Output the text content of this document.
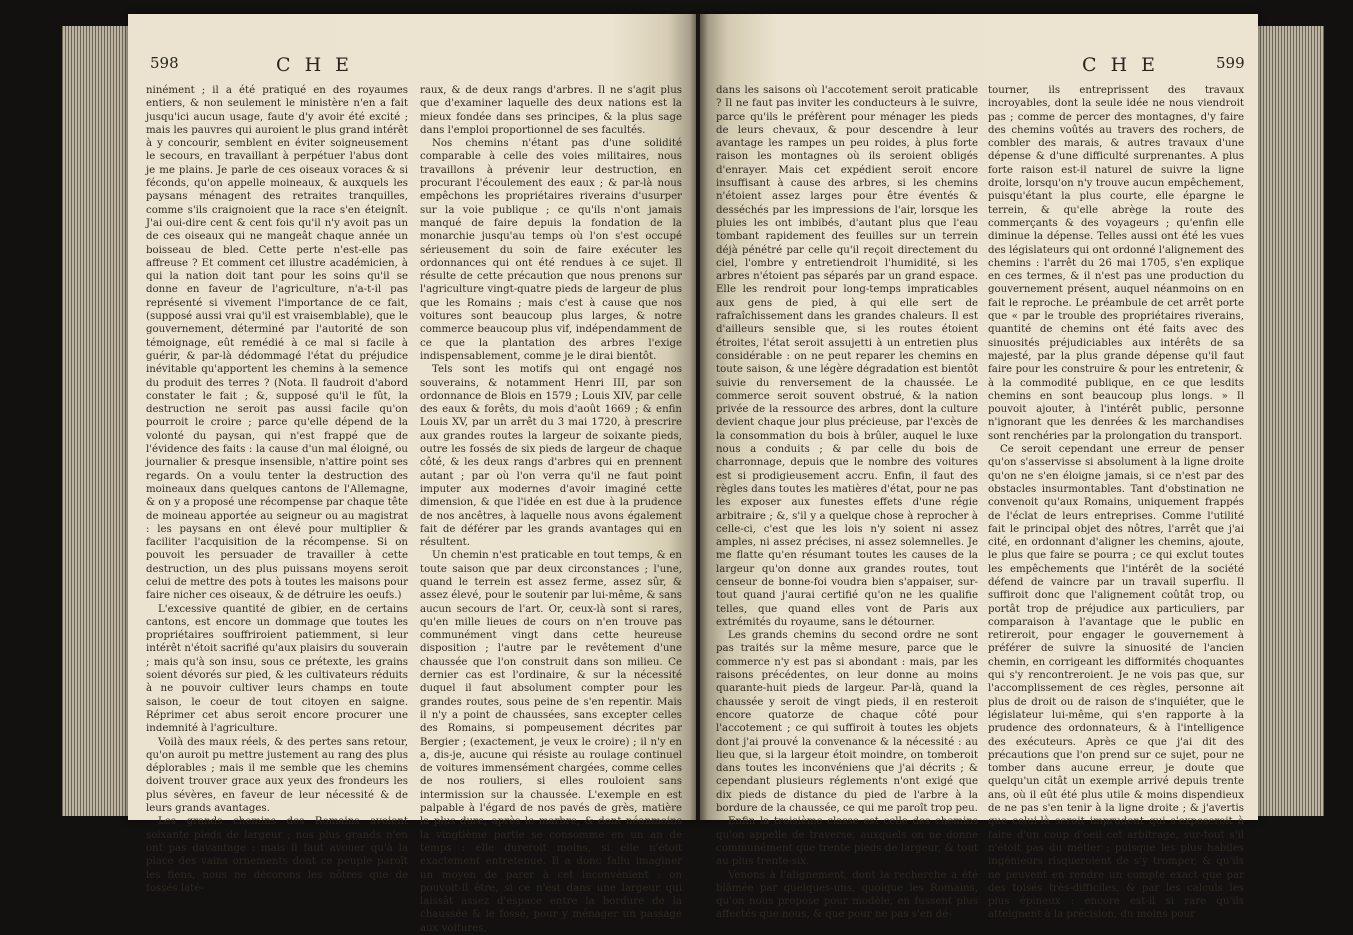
598	C H E

ninément ; il a été pratiqué en des royaumes entiers, & non seulement le ministère n'en a fait jusqu'ici aucun usage, faute d'y avoir été excité ; mais les pauvres qui auroient le plus grand intérêt à y concourir, semblent en éviter soigneusement le secours, en travaillant à perpétuer l'abus dont je me plains. Je parle de ces oiseaux voraces & si féconds, qu'on appelle moineaux, & auxquels les paysans ménagent des retraites tranquilles, comme s'ils craignoient que la race s'en éteignît. J'ai oui-dire cent & cent fois qu'il n'y avoit pas un de ces oiseaux qui ne mangeât chaque année un boisseau de bled. Cette perte n'est-elle pas affreuse ? Et comment cet illustre académicien, à qui la nation doit tant pour les soins qu'il se donne en faveur de l'agriculture, n'a-t-il pas représenté si vivement l'importance de ce fait, (supposé aussi vrai qu'il est vraisemblable), que le gouvernement, déterminé par l'autorité de son témoignage, eût remédié à ce mal si facile à guérir, & par-là dédommagé l'état du préjudice inévitable qu'apportent les chemins à la semence du produit des terres ? (Nota. Il faudroit d'abord constater le fait ; &, supposé qu'il le fût, la destruction ne seroit pas aussi facile qu'on pourroit le croire ; parce qu'elle dépend de la volonté du paysan, qui n'est frappé que de l'évidence des faits : la cause d'un mal éloigné, ou journalier & presque insensible, n'attire point ses regards. On a voulu tenter la destruction des moineaux dans quelques cantons de l'Allemagne, & on y a proposé une récompense par chaque tête de moineau apportée au seigneur ou au magistrat : les paysans en ont élevé pour multiplier & faciliter l'acquisition de la récompense. Si on pouvoit les persuader de travailler à cette destruction, un des plus puissans moyens seroit celui de mettre des pots à toutes les maisons pour faire nicher ces oiseaux, & de détruire les oeufs.)

L'excessive quantité de gibier, en de certains cantons, est encore un dommage que toutes les propriétaires souffriroient patiemment, si leur intérêt n'étoit sacrifié qu'aux plaisirs du souverain ; mais qu'à son insu, sous ce prétexte, les grains soient dévorés sur pied, & les cultivateurs réduits à ne pouvoir cultiver leurs champs en toute saison, le coeur de tout citoyen en saigne. Réprimer cet abus seroit encore procurer une indemnité à l'agriculture.

Voilà des maux réels, & des pertes sans retour, qu'on auroit pu mettre justement au rang des plus déplorables ; mais il me semble que les chemins doivent trouver grace aux yeux des frondeurs les plus sévères, en faveur de leur nécessité & de leurs grands avantages.

Les grands chemins des Romains avoient soixante pieds de largeur ; nos plus grands n'en ont pas davantage : mais il faut avouer qu'à la place des vains ornements dont ce peuple paroît les fiens, nous ne décorons les nôtres que de fossés laté-

raux, & de deux rangs d'arbres. Il ne s'agit plus que d'examiner laquelle des deux nations est la mieux fondée dans ses principes, & la plus sage dans l'emploi proportionnel de ses facultés.

Nos chemins n'étant pas d'une solidité comparable à celle des voies militaires, nous travaillons à prévenir leur destruction, en procurant l'écoulement des eaux ; & par-là nous empêchons les propriétaires riverains d'usurper sur la voie publique ; ce qu'ils n'ont jamais manqué de faire depuis la fondation de la monarchie jusqu'au temps où l'on s'est occupé sérieusement du soin de faire exécuter les ordonnances qui ont été rendues à ce sujet. Il résulte de cette précaution que nous prenons sur l'agriculture vingt-quatre pieds de largeur de plus que les Romains ; mais c'est à cause que nos voitures sont beaucoup plus larges, & notre commerce beaucoup plus vif, indépendamment de ce que la plantation des arbres l'exige indispensablement, comme je le dirai bientôt.

Tels sont les motifs qui ont engagé nos souverains, & notamment Henri III, par son ordonnance de Blois en 1579 ; Louis XIV, par celle des eaux & forêts, du mois d'août 1669 ; & enfin Louis XV, par un arrêt du 3 mai 1720, à prescrire aux grandes routes la largeur de soixante pieds, outre les fossés de six pieds de largeur de chaque côté, & les deux rangs d'arbres qui en prennent autant ; par où l'on verra qu'il ne faut point imputer aux modernes d'avoir imaginé cette dimension, & que l'idée en est due à la prudence de nos ancêtres, à laquelle nous avons également fait de déférer par les grands avantages qui en résultent.

Un chemin n'est praticable en tout temps, & en toute saison que par deux circonstances ; l'une, quand le terrein est assez ferme, assez sûr, & assez élevé, pour le soutenir par lui-même, & sans aucun secours de l'art. Or, ceux-là sont si rares, qu'en mille lieues de cours on n'en trouve pas communément vingt dans cette heureuse disposition ; l'autre par le revêtement d'une chaussée que l'on construit dans son milieu. Ce dernier cas est l'ordinaire, & sur la nécessité duquel il faut absolument compter pour les grandes routes, sous peine de s'en repentir. Mais il n'y a point de chaussées, sans excepter celles des Romains, si pompeusement décrites par Bergier ; (exactement, je veux le croire) ; il n'y en a, dis-je, aucune qui résiste au roulage continuel de voitures immensément chargées, comme celles de nos rouliers, si elles rouloient sans intermission sur la chaussée. L'exemple en est palpable à l'égard de nos pavés de grès, matière la plus dure, après le marbre, & dont néanmoins la vingtième partie se consomme en un an de temps : elle dureroit moins, si elle n'étoit exactement entretenue. Il a donc fallu imaginer un moyen de parer à cet inconvénient : on pouvoit-il être, si ce n'est dans une largeur qui laissât assez d'espace entre la bordure de la chaussée & le fossé, pour y ménager un passage aux voitures,

C H E	599

dans les saisons où l'accotement seroit praticable ? Il ne faut pas inviter les conducteurs à le suivre, parce qu'ils le préfèrent pour ménager les pieds de leurs chevaux, & pour descendre à leur avantage les rampes un peu roides, à plus forte raison les montagnes où ils seroient obligés d'enrayer. Mais cet expédient seroit encore insuffisant à cause des arbres, si les chemins n'étoient assez larges pour être éventés & desséchés par les impressions de l'air, lorsque les pluies les ont imbibés, d'autant plus que l'eau tombant rapidement des feuilles sur un terrein déjà pénétré par celle qu'il reçoit directement du ciel, l'ombre y entretiendroit l'humidité, si les arbres n'étoient pas séparés par un grand espace. Elle les rendroit pour long-temps impraticables aux gens de pied, à qui elle sert de rafraîchissement dans les grandes chaleurs. Il est d'ailleurs sensible que, si les routes étoient étroites, l'état seroit assujetti à un entretien plus considérable : on ne peut reparer les chemins en toute saison, & une légère dégradation est bientôt suivie du renversement de la chaussée. Le commerce seroit souvent obstrué, & la nation privée de la ressource des arbres, dont la culture devient chaque jour plus précieuse, par l'excès de la consommation du bois à brûler, auquel le luxe nous a conduits ; & par celle du bois de charronnage, depuis que le nombre des voitures est si prodigieusement accru. Enfin, il faut des règles dans toutes les matières d'état, pour ne pas les exposer aux funestes effets d'une régie arbitraire ; &, s'il y a quelque chose à reprocher à celle-ci, c'est que les lois n'y soient ni assez amples, ni assez précises, ni assez solemnelles. Je me flatte qu'en résumant toutes les causes de la largeur qu'on donne aux grandes routes, tout censeur de bonne-foi voudra bien s'appaiser, sur-tout quand j'aurai certifié qu'on ne les qualifie telles, que quand elles vont de Paris aux extrémités du royaume, sans le détourner.

Les grands chemins du second ordre ne sont pas traités sur la même mesure, parce que le commerce n'y est pas si abondant : mais, par les raisons précédentes, on leur donne au moins quarante-huit pieds de largeur. Par-là, quand la chaussée y seroit de vingt pieds, il en resteroit encore quatorze de chaque côté pour l'accotement ; ce qui suffiroit à toutes les objets dont j'ai prouvé la convenance & la nécessité : au lieu que, si la largeur étoit moindre, on tomberoit dans toutes les inconvéniens que j'ai décrits ; & cependant plusieurs réglements n'ont exigé que dix pieds de distance du pied de l'arbre à la bordure de la chaussée, ce qui me paroît trop peu.

Enfin la troisième classe est celle des chemins qu'on appelle de traverse, auxquels on ne donne communément que trente pieds de largeur, & tout au plus trente-six.

Venons à l'alignement, dont la recherche a été blâmée par quelques-uns, quoique les Romains, qu'on nous propose pour modèle, en fussent plus affectés que nous, & que pour ne pas s'en dé-

tourner, ils entreprissent des travaux incroyables, dont la seule idée ne nous viendroit pas ; comme de percer des montagnes, d'y faire des chemins voûtés au travers des rochers, de combler des marais, & autres travaux d'une dépense & d'une difficulté surprenantes. A plus forte raison est-il naturel de suivre la ligne droite, lorsqu'on n'y trouve aucun empêchement, puisqu'étant la plus courte, elle épargne le terrein, & qu'elle abrège la route des commerçants & des voyageurs ; qu'enfin elle diminue la dépense. Telles aussi ont été les vues des législateurs qui ont ordonné l'alignement des chemins : l'arrêt du 26 mai 1705, s'en explique en ces termes, & il n'est pas une production du gouvernement présent, auquel néanmoins on en fait le reproche. Le préambule de cet arrêt porte que « par le trouble des propriétaires riverains, quantité de chemins ont été faits avec des sinuosités préjudiciables aux intérêts de sa majesté, par la plus grande dépense qu'il faut faire pour les construire & pour les entretenir, & à la commodité publique, en ce que lesdits chemins en sont beaucoup plus longs. » Il pouvoit ajouter, à l'intérêt public, personne n'ignorant que les denrées & les marchandises sont renchéries par la prolongation du transport.

Ce seroit cependant une erreur de penser qu'on s'asservisse si absolument à la ligne droite qu'on ne s'en éloigne jamais, si ce n'est par des obstacles insurmontables. Tant d'obstination ne convenoit qu'aux Romains, uniquement frappés de l'éclat de leurs entreprises. Comme l'utilité fait le principal objet des nôtres, l'arrêt que j'ai cité, en ordonnant d'aligner les chemins, ajoute, le plus que faire se pourra ; ce qui exclut toutes les empêchements que l'intérêt de la société défend de vaincre par un travail superflu. Il suffiroit donc que l'alignement coûtât trop, ou portât trop de préjudice aux particuliers, par comparaison à l'avantage que le public en retireroit, pour engager le gouvernement à préférer de suivre la sinuosité de l'ancien chemin, en corrigeant les difformités choquantes qui s'y rencontreroient. Je ne vois pas que, sur l'accomplissement de ces règles, personne ait plus de droit ou de raison de s'inquiéter, que le législateur lui-même, qui s'en rapporte à la prudence des ordonnateurs, & à l'intelligence des exécuteurs. Après ce que j'ai dit des précautions que l'on prend sur ce sujet, pour ne tomber dans aucune erreur, je doute que quelqu'un citât un exemple arrivé depuis trente ans, où il eût été plus utile & moins dispendieux de ne pas s'en tenir à la ligne droite ; & j'avertis que celui-là seroit imprudent qui s'exposeroit à faire d'un coup d'oeil cet arbitrage, sur-tout s'il n'étoit pas du métier ; puisque les plus habiles ingénieurs risqueroient de s'y tromper, & qu'ils ne peuvent en rendre un compte exact que par des toisés très-difficiles, & par les calculs les plus épineux : encore est-il si rare qu'ils atteignent à la précision, du moins pour
